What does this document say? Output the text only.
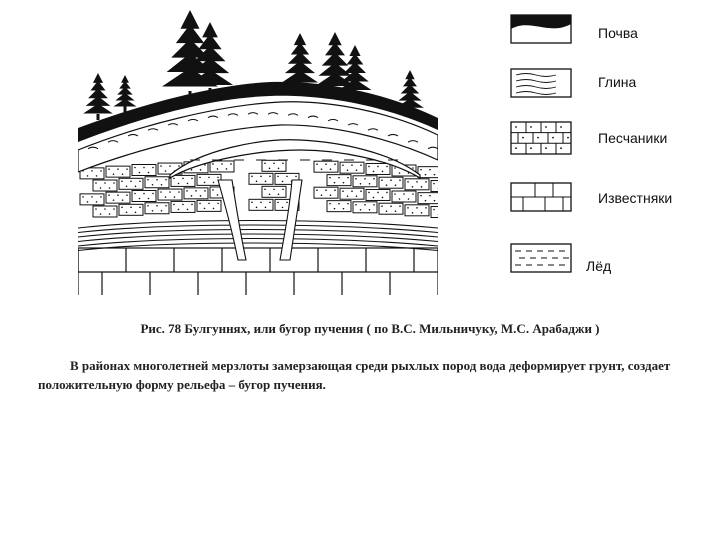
Почва
Глина
Песчаники
Известняки
Лёд
Рис. 78 Булгуннях, или бугор пучения ( по В.С. Мильничуку, М.С. Арабаджи )
В районах многолетней мерзлоты замерзающая среди рыхлых пород вода деформирует грунт, создает положительную форму рельефа – бугор пучения.
